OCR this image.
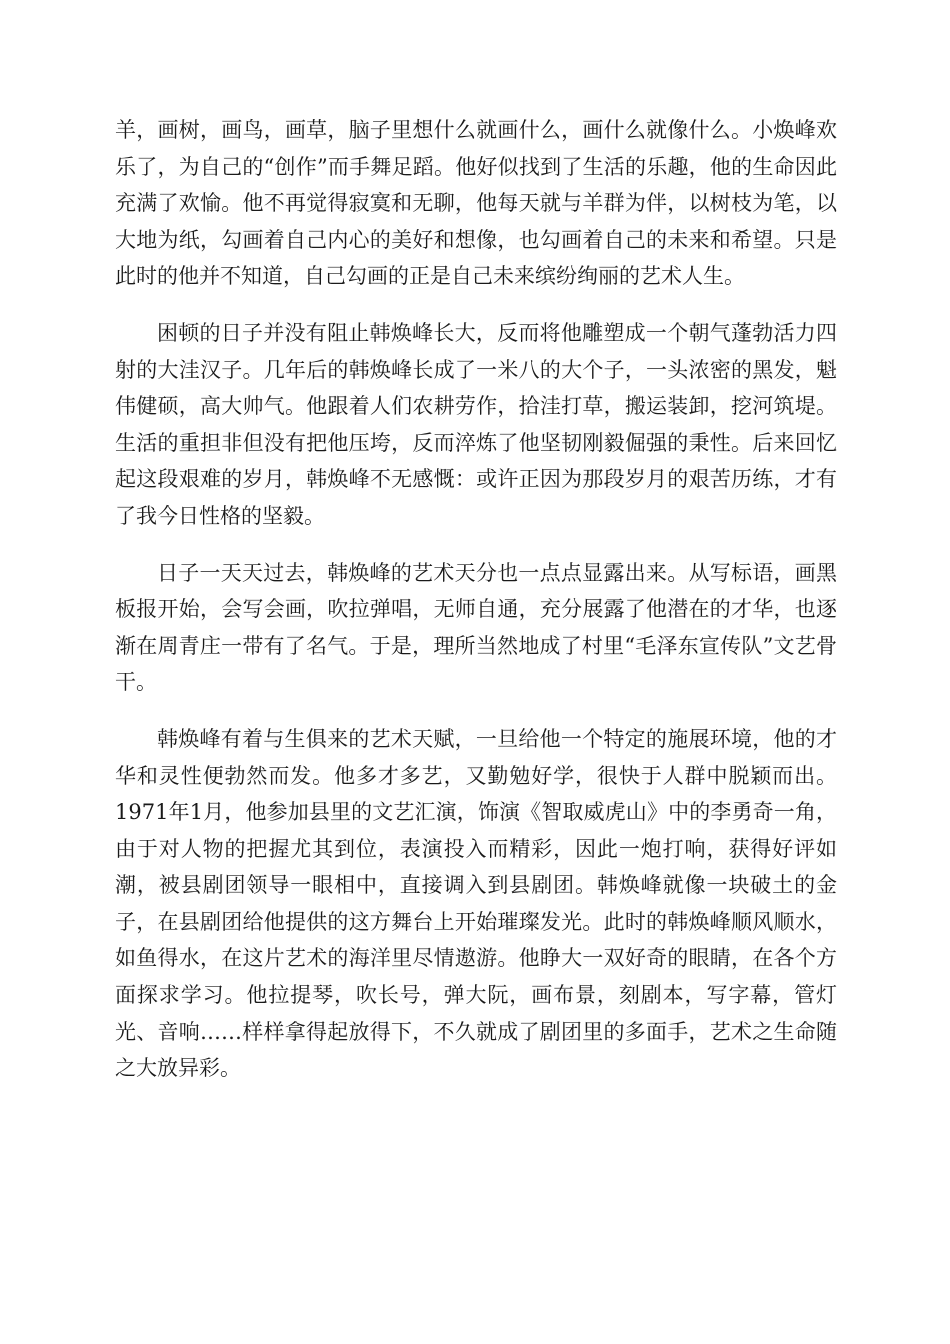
羊，画树，画鸟，画草，脑子里想什么就画什么，画什么就像什么。小焕峰欢乐了，为自己的“创作”而手舞足蹈。他好似找到了生活的乐趣，他的生命因此充满了欢愉。他不再觉得寂寞和无聊，他每天就与羊群为伴，以树枝为笔，以大地为纸，勾画着自己内心的美好和想像，也勾画着自己的未来和希望。只是此时的他并不知道，自己勾画的正是自己未来缤纷绚丽的艺术人生。

困顿的日子并没有阻止韩焕峰长大，反而将他雕塑成一个朝气蓬勃活力四射的大洼汉子。几年后的韩焕峰长成了一米八的大个子，一头浓密的黑发，魁伟健硕，高大帅气。他跟着人们农耕劳作，拾洼打草，搬运装卸，挖河筑堤。生活的重担非但没有把他压垮，反而淬炼了他坚韧刚毅倔强的秉性。后来回忆起这段艰难的岁月，韩焕峰不无感慨：或许正因为那段岁月的艰苦历练，才有了我今日性格的坚毅。

日子一天天过去，韩焕峰的艺术天分也一点点显露出来。从写标语，画黑板报开始，会写会画，吹拉弹唱，无师自通，充分展露了他潜在的才华，也逐渐在周青庄一带有了名气。于是，理所当然地成了村里“毛泽东宣传队”文艺骨干。

韩焕峰有着与生俱来的艺术天赋，一旦给他一个特定的施展环境，他的才华和灵性便勃然而发。他多才多艺，又勤勉好学，很快于人群中脱颖而出。1971年1月，他参加县里的文艺汇演，饰演《智取威虎山》中的李勇奇一角，由于对人物的把握尤其到位，表演投入而精彩，因此一炮打响，获得好评如潮，被县剧团领导一眼相中，直接调入到县剧团。韩焕峰就像一块破土的金子，在县剧团给他提供的这方舞台上开始璀璨发光。此时的韩焕峰顺风顺水，如鱼得水，在这片艺术的海洋里尽情遨游。他睁大一双好奇的眼睛，在各个方面探求学习。他拉提琴，吹长号，弹大阮，画布景，刻剧本，写字幕，管灯光、音响……样样拿得起放得下，不久就成了剧团里的多面手，艺术之生命随之大放异彩。
